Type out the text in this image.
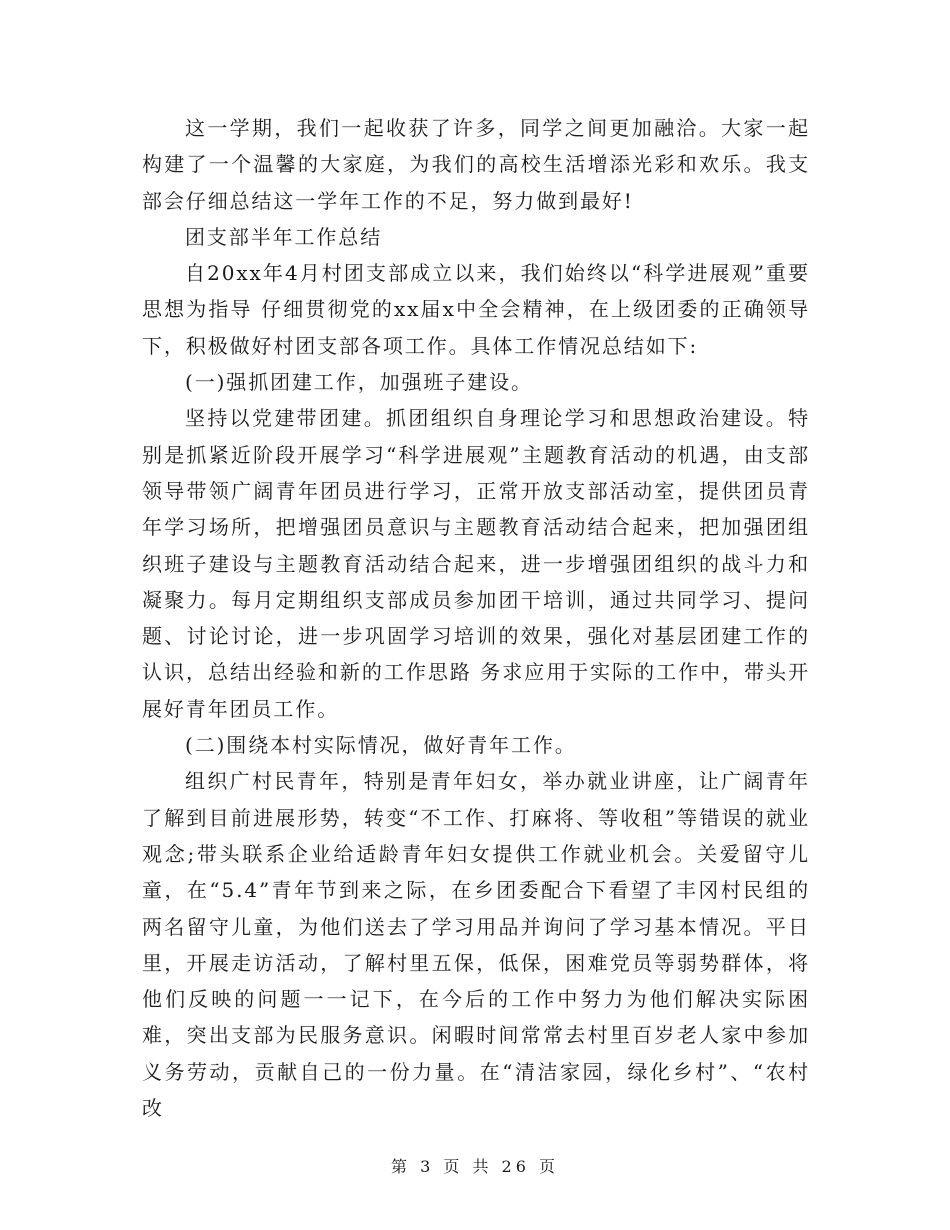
这一学期，我们一起收获了许多，同学之间更加融洽。大家一起构建了一个温馨的大家庭，为我们的高校生活增添光彩和欢乐。我支部会仔细总结这一学年工作的不足，努力做到最好!

团支部半年工作总结

自20xx年4月村团支部成立以来，我们始终以“科学进展观”重要思想为指导 仔细贯彻党的xx届x中全会精神，在上级团委的正确领导下，积极做好村团支部各项工作。具体工作情况总结如下:

(一)强抓团建工作，加强班子建设。

坚持以党建带团建。抓团组织自身理论学习和思想政治建设。特别是抓紧近阶段开展学习“科学进展观”主题教育活动的机遇，由支部领导带领广阔青年团员进行学习，正常开放支部活动室，提供团员青年学习场所，把增强团员意识与主题教育活动结合起来，把加强团组织班子建设与主题教育活动结合起来，进一步增强团组织的战斗力和凝聚力。每月定期组织支部成员参加团干培训，通过共同学习、提问题、讨论讨论，进一步巩固学习培训的效果，强化对基层团建工作的认识，总结出经验和新的工作思路 务求应用于实际的工作中，带头开展好青年团员工作。

(二)围绕本村实际情况，做好青年工作。

组织广村民青年，特别是青年妇女，举办就业讲座，让广阔青年了解到目前进展形势，转变“不工作、打麻将、等收租”等错误的就业观念;带头联系企业给适龄青年妇女提供工作就业机会。关爱留守儿童，在“5.4”青年节到来之际，在乡团委配合下看望了丰冈村民组的两名留守儿童，为他们送去了学习用品并询问了学习基本情况。平日里，开展走访活动，了解村里五保，低保，困难党员等弱势群体，将他们反映的问题一一记下，在今后的工作中努力为他们解决实际困难，突出支部为民服务意识。闲暇时间常常去村里百岁老人家中参加义务劳动，贡献自己的一份力量。在“清洁家园，绿化乡村”、“农村改

第 3 页 共 26 页
